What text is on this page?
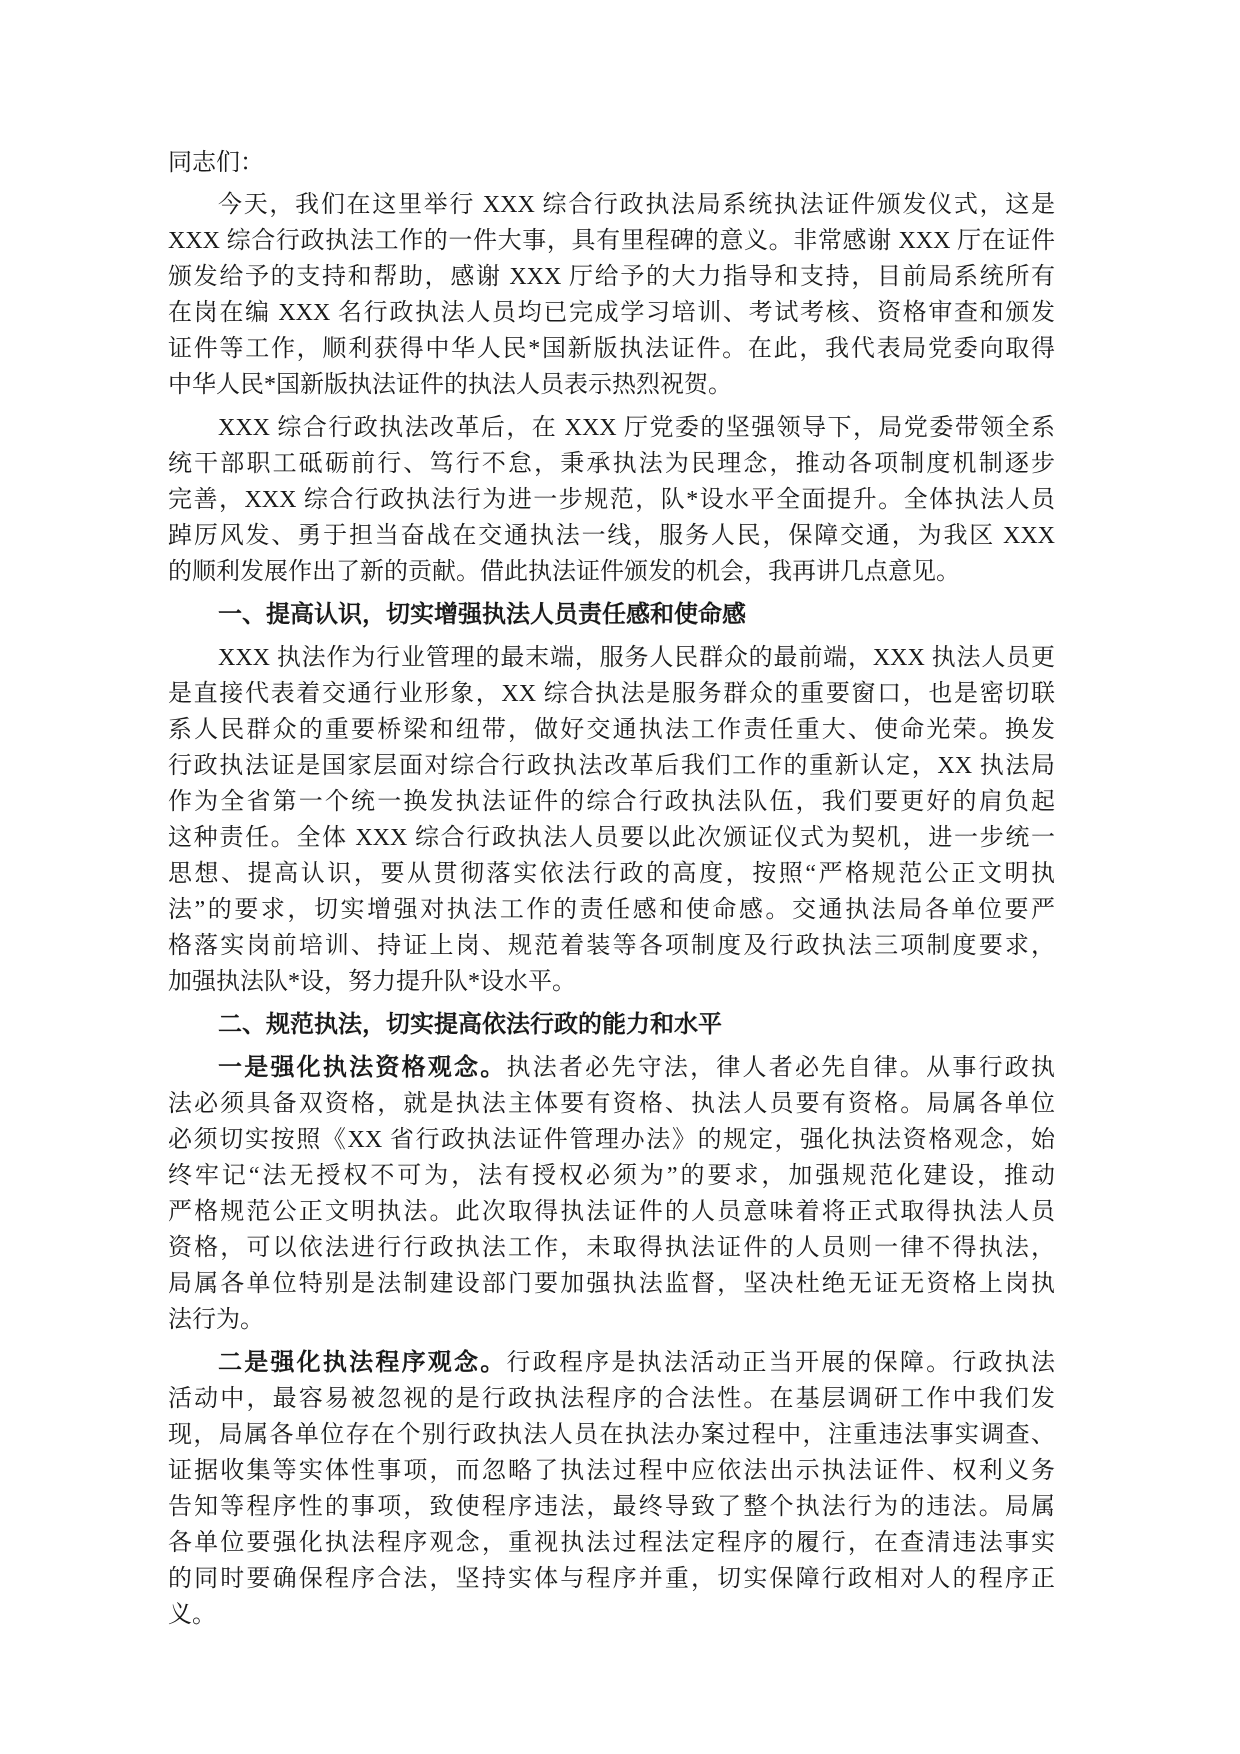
同志们：
今天，我们在这里举行 XXX 综合行政执法局系统执法证件颁发仪式，这是
XXX 综合行政执法工作的一件大事，具有里程碑的意义。非常感谢 XXX 厅在证件
颁发给予的支持和帮助，感谢 XXX 厅给予的大力指导和支持，目前局系统所有
在岗在编 XXX 名行政执法人员均已完成学习培训、考试考核、资格审查和颁发
证件等工作，顺利获得中华人民*国新版执法证件。在此，我代表局党委向取得
中华人民*国新版执法证件的执法人员表示热烈祝贺。
XXX 综合行政执法改革后，在 XXX 厅党委的坚强领导下，局党委带领全系
统干部职工砥砺前行、笃行不怠，秉承执法为民理念，推动各项制度机制逐步
完善，XXX 综合行政执法行为进一步规范，队*设水平全面提升。全体执法人员
踔厉风发、勇于担当奋战在交通执法一线，服务人民，保障交通，为我区 XXX
的顺利发展作出了新的贡献。借此执法证件颁发的机会，我再讲几点意见。
一、提高认识，切实增强执法人员责任感和使命感
XXX 执法作为行业管理的最末端，服务人民群众的最前端，XXX 执法人员更
是直接代表着交通行业形象，XX 综合执法是服务群众的重要窗口，也是密切联
系人民群众的重要桥梁和纽带，做好交通执法工作责任重大、使命光荣。换发
行政执法证是国家层面对综合行政执法改革后我们工作的重新认定，XX 执法局
作为全省第一个统一换发执法证件的综合行政执法队伍，我们要更好的肩负起
这种责任。全体 XXX 综合行政执法人员要以此次颁证仪式为契机，进一步统一
思想、提高认识，要从贯彻落实依法行政的高度，按照“严格规范公正文明执
法”的要求，切实增强对执法工作的责任感和使命感。交通执法局各单位要严
格落实岗前培训、持证上岗、规范着装等各项制度及行政执法三项制度要求，
加强执法队*设，努力提升队*设水平。
二、规范执法，切实提高依法行政的能力和水平
一是强化执法资格观念。执法者必先守法，律人者必先自律。从事行政执
法必须具备双资格，就是执法主体要有资格、执法人员要有资格。局属各单位
必须切实按照《XX 省行政执法证件管理办法》的规定，强化执法资格观念，始
终牢记“法无授权不可为，法有授权必须为”的要求，加强规范化建设，推动
严格规范公正文明执法。此次取得执法证件的人员意味着将正式取得执法人员
资格，可以依法进行行政执法工作，未取得执法证件的人员则一律不得执法，
局属各单位特别是法制建设部门要加强执法监督，坚决杜绝无证无资格上岗执
法行为。
二是强化执法程序观念。行政程序是执法活动正当开展的保障。行政执法
活动中，最容易被忽视的是行政执法程序的合法性。在基层调研工作中我们发
现，局属各单位存在个别行政执法人员在执法办案过程中，注重违法事实调查、
证据收集等实体性事项，而忽略了执法过程中应依法出示执法证件、权利义务
告知等程序性的事项，致使程序违法，最终导致了整个执法行为的违法。局属
各单位要强化执法程序观念，重视执法过程法定程序的履行，在查清违法事实
的同时要确保程序合法，坚持实体与程序并重，切实保障行政相对人的程序正
义。
